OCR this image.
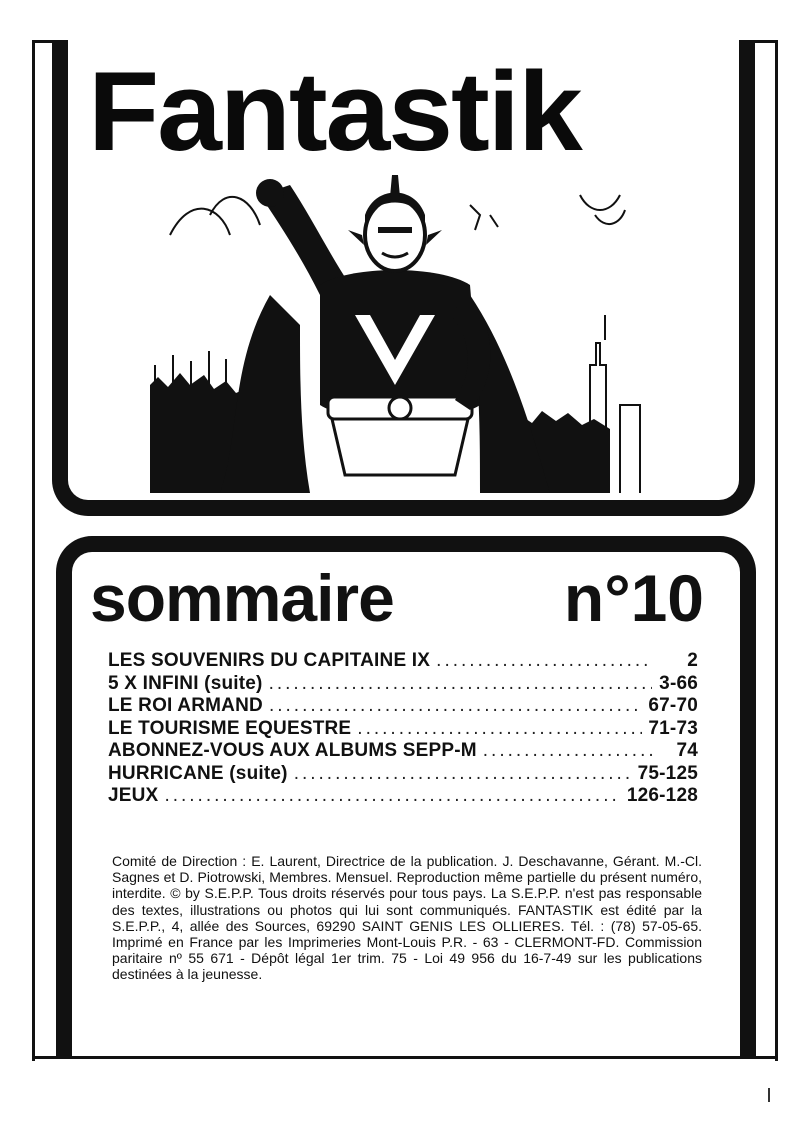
Fantastik
sommaire	n°10
LES SOUVENIRS DU CAPITAINE IX .....	2
5 X INFINI (suite) .....	3-66
LE ROI ARMAND .....	67-70
LE TOURISME EQUESTRE .....	71-73
ABONNEZ-VOUS AUX ALBUMS SEPP-M .....	74
HURRICANE (suite) .....	75-125
JEUX .....	126-128

Comité de Direction : E. Laurent, Directrice de la publication. J. Deschavanne, Gérant. M.-Cl. Sagnes et D. Piotrowski, Membres. Mensuel. Reproduction même partielle du présent numéro, interdite. © by S.E.P.P. Tous droits réservés pour tous pays. La S.E.P.P. n'est pas responsable des textes, illustrations ou photos qui lui sont communiqués. FANTASTIK est édité par la S.E.P.P., 4, allée des Sources, 69290 SAINT GENIS LES OLLIERES. Tél. : (78) 57-05-65. Imprimé en France par les Imprimeries Mont-Louis P.R. - 63 - CLERMONT-FD. Commission paritaire nº 55 671 - Dépôt légal 1er trim. 75 - Loi 49 956 du 16-7-49 sur les publications destinées à la jeunesse.
